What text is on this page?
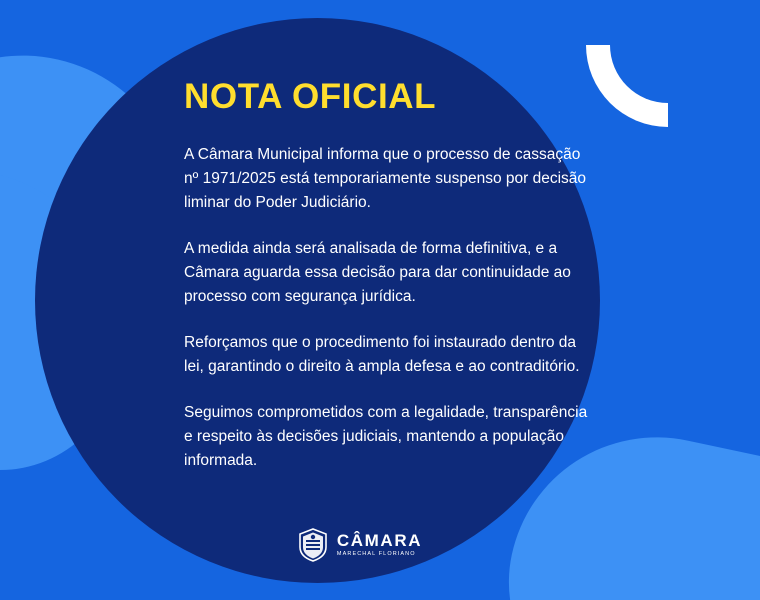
NOTA OFICIAL

A Câmara Municipal informa que o processo de cassação nº 1971/2025 está temporariamente suspenso por decisão liminar do Poder Judiciário.

A medida ainda será analisada de forma definitiva, e a Câmara aguarda essa decisão para dar continuidade ao processo com segurança jurídica.

Reforçamos que o procedimento foi instaurado dentro da lei, garantindo o direito à ampla defesa e ao contraditório.

Seguimos comprometidos com a legalidade, transparência e respeito às decisões judiciais, mantendo a população informada.

CÂMARA
MARECHAL FLORIANO
